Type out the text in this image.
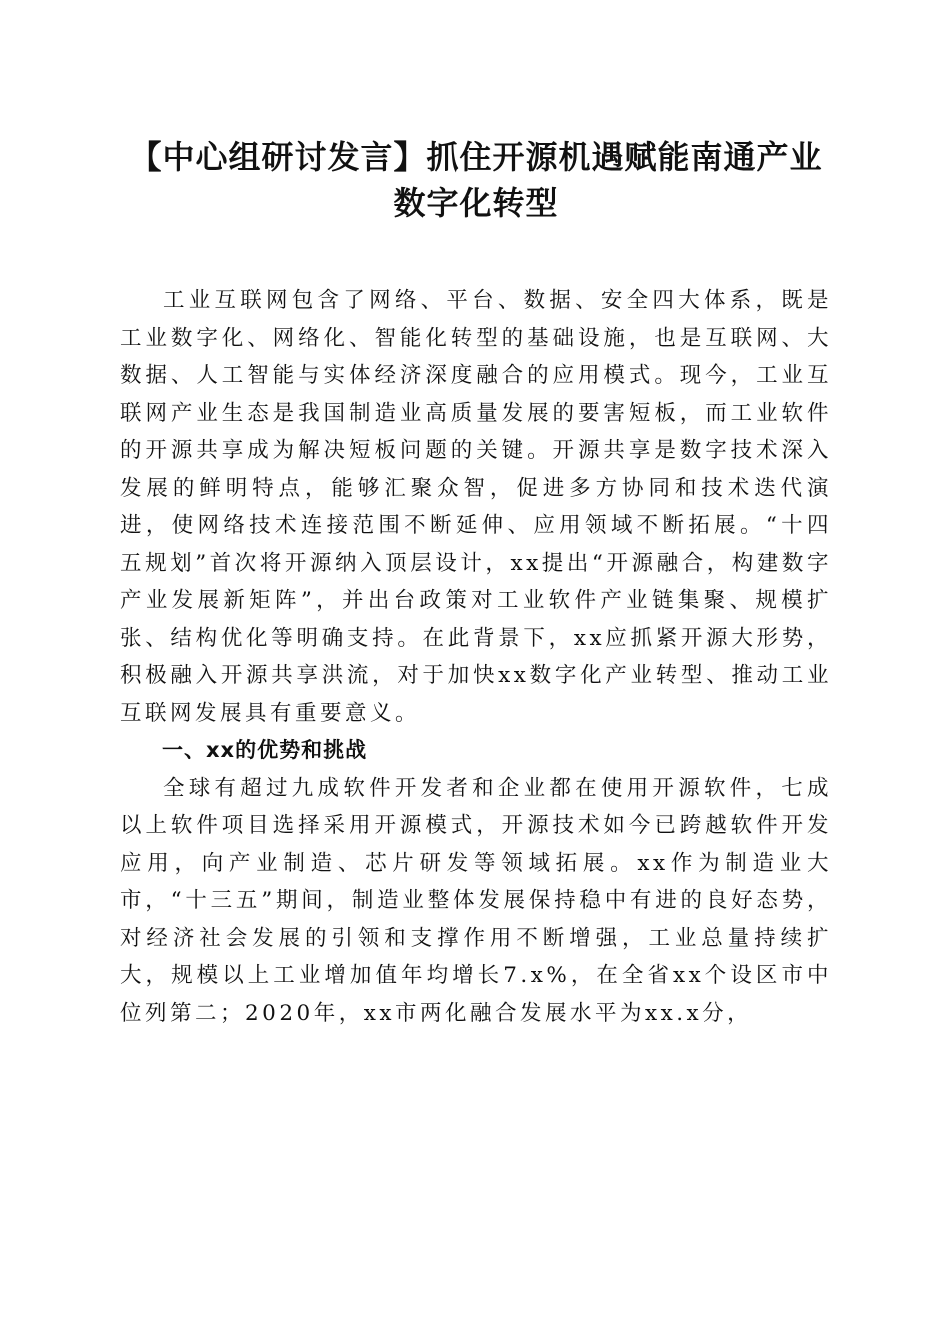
【中心组研讨发言】抓住开源机遇赋能南通产业数字化转型

工业互联网包含了网络、平台、数据、安全四大体系，既是工业数字化、网络化、智能化转型的基础设施，也是互联网、大数据、人工智能与实体经济深度融合的应用模式。现今，工业互联网产业生态是我国制造业高质量发展的要害短板，而工业软件的开源共享成为解决短板问题的关键。开源共享是数字技术深入发展的鲜明特点，能够汇聚众智，促进多方协同和技术迭代演进，使网络技术连接范围不断延伸、应用领域不断拓展。“十四五规划”首次将开源纳入顶层设计，xx提出“开源融合，构建数字产业发展新矩阵”，并出台政策对工业软件产业链集聚、规模扩张、结构优化等明确支持。在此背景下，xx应抓紧开源大形势，积极融入开源共享洪流，对于加快xx数字化产业转型、推动工业互联网发展具有重要意义。

一、xx的优势和挑战

全球有超过九成软件开发者和企业都在使用开源软件，七成以上软件项目选择采用开源模式，开源技术如今已跨越软件开发应用，向产业制造、芯片研发等领域拓展。xx作为制造业大市，“十三五”期间，制造业整体发展保持稳中有进的良好态势，对经济社会发展的引领和支撑作用不断增强，工业总量持续扩大，规模以上工业增加值年均增长7.x%，在全省xx个设区市中位列第二；2020年，xx市两化融合发展水平为xx.x分，
